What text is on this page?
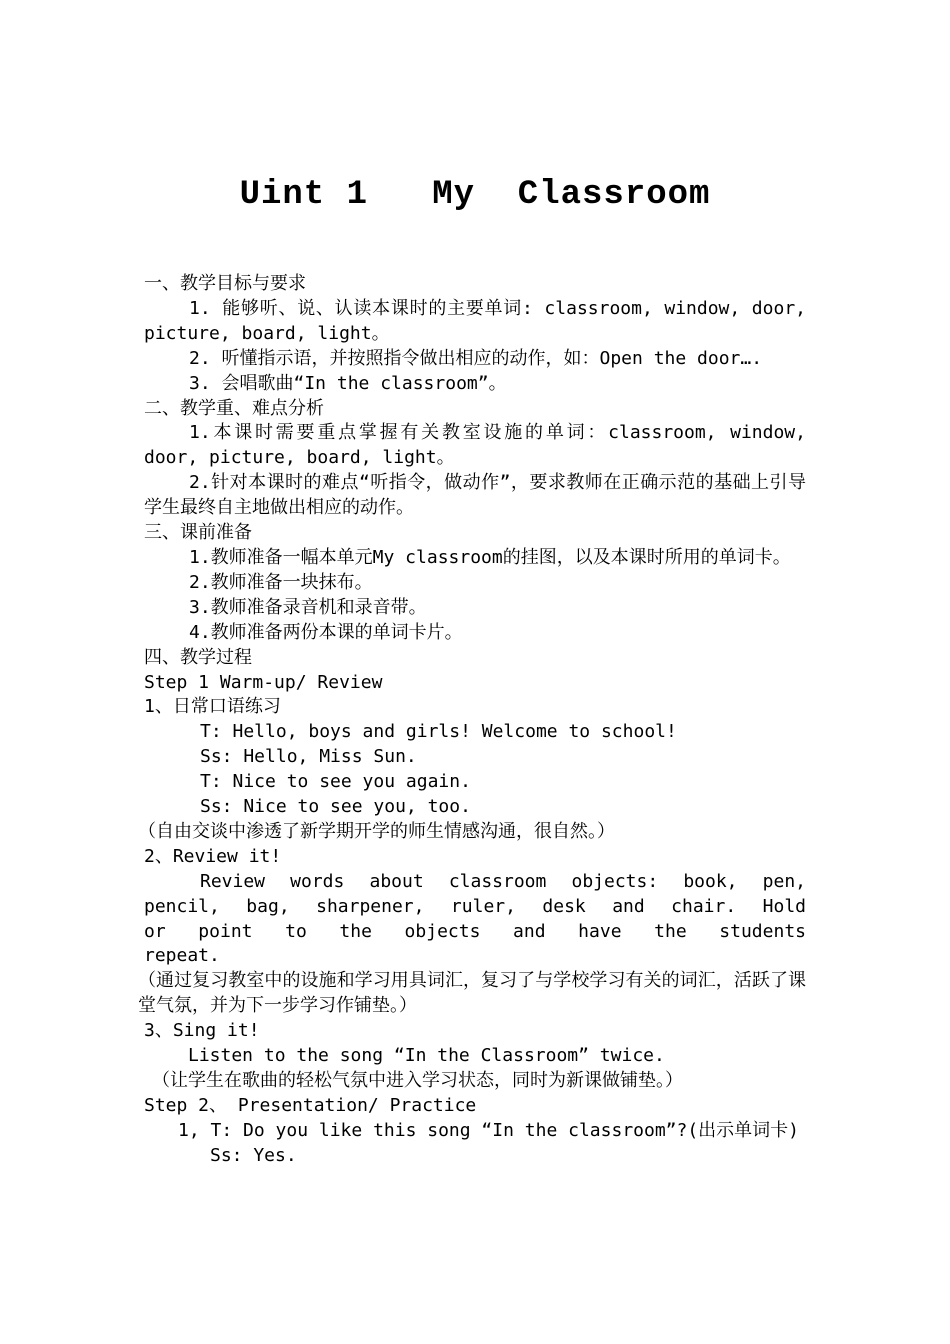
Uint 1   My  Classroom

一、教学目标与要求

1. 能够听、说、认读本课时的主要单词: classroom, window, door, picture, board, light。

2. 听懂指示语，并按照指令做出相应的动作，如：Open the door….

3. 会唱歌曲“In the classroom”。

二、教学重、难点分析

1.本课时需要重点掌握有关教室设施的单词：classroom, window, door, picture, board, light。

2.针对本课时的难点“听指令，做动作”，要求教师在正确示范的基础上引导学生最终自主地做出相应的动作。

三、课前准备

1.教师准备一幅本单元My classroom的挂图，以及本课时所用的单词卡。

2.教师准备一块抹布。

3.教师准备录音机和录音带。

4.教师准备两份本课的单词卡片。

四、教学过程

Step 1 Warm-up/ Review

1、日常口语练习

T: Hello, boys and girls! Welcome to school!

Ss: Hello, Miss Sun.

T: Nice to see you again.

Ss: Nice to see you, too.

（自由交谈中渗透了新学期开学的师生情感沟通，很自然。）

2、Review it!

Review words about classroom objects: book, pen, pencil, bag, sharpener, ruler, desk and chair. Hold or point to the objects and have the students repeat.

（通过复习教室中的设施和学习用具词汇，复习了与学校学习有关的词汇，活跃了课堂气氛，并为下一步学习作铺垫。）

3、Sing it!

Listen to the song “In the Classroom” twice.

（让学生在歌曲的轻松气氛中进入学习状态，同时为新课做铺垫。）

Step 2、 Presentation/ Practice

1, T: Do you like this song “In the classroom”?(出示单词卡)

Ss: Yes.
